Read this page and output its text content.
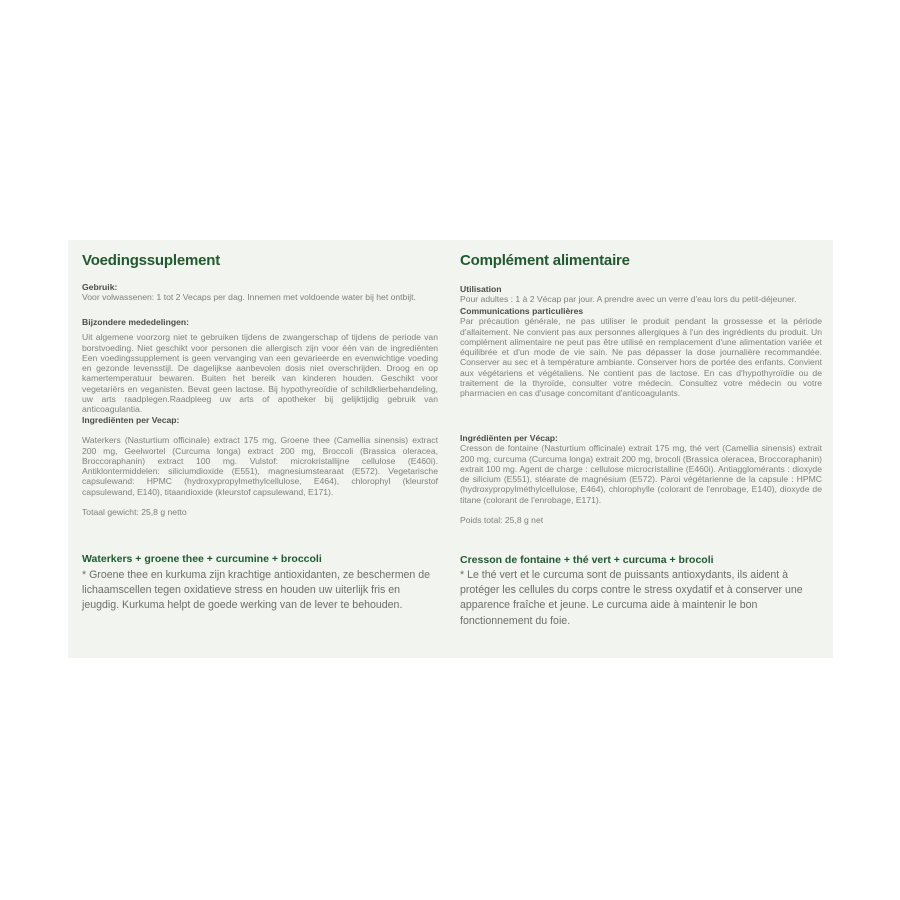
Voedingssuplement

Gebruik:

Voor volwassenen: 1 tot 2 Vecaps per dag. Innemen met voldoende water bij het ontbijt.

Bijzondere mededelingen:

Uit algemene voorzorg niet te gebruiken tijdens de zwangerschap of tijdens de periode van borstvoeding. Niet geschikt voor personen die allergisch zijn voor één van de ingrediënten Een voedingssupplement is geen vervanging van een gevarieerde en evenwichtige voeding en gezonde levensstijl. De dagelijkse aanbevolen dosis niet overschrijden. Droog en op kamertemperatuur bewaren. Buiten het bereik van kinderen houden. Geschikt voor vegetariërs en veganisten. Bevat geen lactose. Bij hypothyreoïdie of schildklierbehandeling, uw arts raadplegen.Raadpleeg uw arts of apotheker bij gelijktijdig gebruik van anticoagulantia.

Ingrediënten per Vecap:

Waterkers (Nasturtium officinale) extract 175 mg, Groene thee (Camellia sinensis) extract 200 mg, Geelwortel (Curcuma longa) extract 200 mg, Broccoli (Brassica oleracea, Broccoraphanin) extract 100 mg. Vulstof: microkristallijne cellulose (E460i). Antiklontermiddelen: siliciumdioxide (E551), magnesiumstearaat (E572). Vegetarische capsulewand: HPMC (hydroxypropylmethylcellulose, E464), chlorophyl (kleurstof capsulewand, E140), titaandioxide (kleurstof capsulewand, E171).

Totaal gewicht: 25,8 g netto

Waterkers + groene thee + curcumine + broccoli
* Groene thee en kurkuma zijn krachtige antioxidanten, ze beschermen de lichaamscellen tegen oxidatieve stress en houden uw uiterlijk fris en jeugdig. Kurkuma helpt de goede werking van de lever te behouden.
Complément alimentaire

Utilisation

Pour adultes : 1 à 2 Vécap par jour. A prendre avec un verre d'eau lors du petit-déjeuner.

Communications particulières

Par précaution générale, ne pas utiliser le produit pendant la grossesse et la période d'allaitement. Ne convient pas aux personnes allergiques à l'un des ingrédients du produit. Un complément alimentaire ne peut pas être utilisé en remplacement d'une alimentation variée et équilibrée et d'un mode de vie sain. Ne pas dépasser la dose journalière recommandée. Conserver au sec et à température ambiante. Conserver hors de portée des enfants. Convient aux végétariens et végétaliens. Ne contient pas de lactose. En cas d'hypothyroïdie ou de traitement de la thyroïde, consulter votre médecin. Consultez votre médecin ou votre pharmacien en cas d'usage concomitant d'anticoagulants.

Ingrédiënten per Vécap:

Cresson de fontaine (Nasturtium officinale) extrait 175 mg, thé vert (Camellia sinensis) extrait 200 mg, curcuma (Curcuma longa) extrait 200 mg, brocoli (Brassica oleracea, Broccoraphanin) extrait 100 mg. Agent de charge : cellulose microcristalline (E460i). Antiagglomérants : dioxyde de silicium (E551), stéarate de magnésium (E572). Paroi végétarienne de la capsule : HPMC (hydroxypropylméthylcellulose, E464), chlorophylle (colorant de l'enrobage, E140), dioxyde de titane (colorant de l'enrobage, E171).

Poids total: 25,8 g net

Cresson de fontaine + thé vert + curcuma + brocoli
* Le thé vert et le curcuma sont de puissants antioxydants, ils aident à protéger les cellules du corps contre le stress oxydatif et à conserver une apparence fraîche et jeune. Le curcuma aide à maintenir le bon fonctionnement du foie.
